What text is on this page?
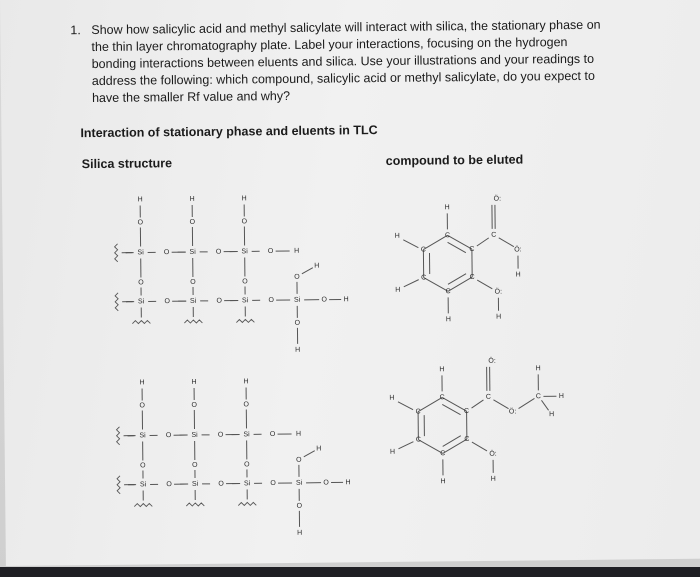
1. Show how salicylic acid and methyl salicylate will interact with silica, the stationary phase on
the thin layer chromatography plate. Label your interactions, focusing on the hydrogen
bonding interactions between eluents and silica. Use your illustrations and your readings to
address the following: which compound, salicylic acid or methyl salicylate, do you expect to
have the smaller Rf value and why?
Interaction of stationary phase and eluents in TLC
Silica structure	compound to be eluted
H
O
O
H
O
O
H
O
O
Si	O	Si	O	Si
Si	O	Si	O	Si	O	Si	O H
O
H
O
H
O	H
H
O
O
H
O
O
H
O
O
Si	O	Si	O	Si
Si	O	Si	O	Si	O	Si	O H
O
H
O
H
O	H
C
C
C
C
C
C
H
H
H
H
C
Ö:
Ö:
H
Ö:
H
C
C
C
C
C
C
H
H
H
H
C
Ö:
Ö:
C	H
H
H
Ö:
H
